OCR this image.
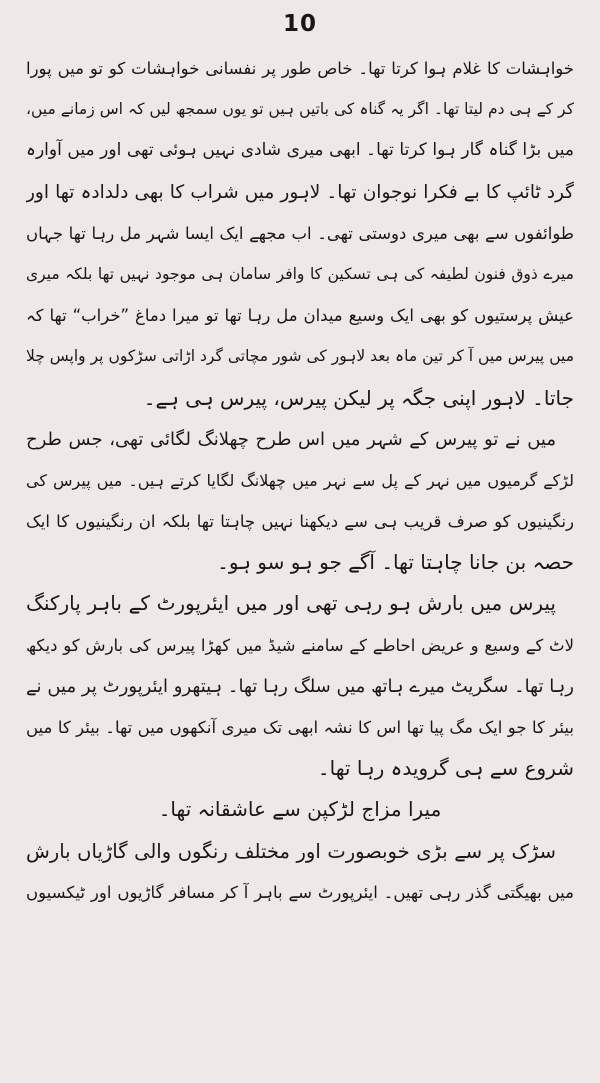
10
خواہشات کا غلام ہوا کرتا تھا۔ خاص طور پر نفسانی خواہشات کو تو میں پورا
کر کے ہی دم لیتا تھا۔ اگر یہ گناہ کی باتیں ہیں تو یوں سمجھ لیں کہ اس زمانے میں،
میں بڑا گناہ گار ہوا کرتا تھا۔ ابھی میری شادی نہیں ہوئی تھی اور میں آوارہ
گرد ٹائپ کا بے فکرا نوجوان تھا۔ لاہور میں شراب کا بھی دلدادہ تھا اور
طوائفوں سے بھی میری دوستی تھی۔ اب مجھے ایک ایسا شہر مل رہا تھا جہاں
میرے ذوق فنون لطیفہ کی ہی تسکین کا وافر سامان ہی موجود نہیں تھا بلکہ میری
عیش پرستیوں کو بھی ایک وسیع میدان مل رہا تھا تو میرا دماغ ”خراب“ تھا کہ
میں پیرس میں آ کر تین ماہ بعد لاہور کی شور مچاتی گرد اڑاتی سڑکوں پر واپس چلا
جاتا۔ لاہور اپنی جگہ پر لیکن پیرس، پیرس ہی ہے۔
میں نے تو پیرس کے شہر میں اس طرح چھلانگ لگائی تھی، جس طرح
لڑکے گرمیوں میں نہر کے پل سے نہر میں چھلانگ لگایا کرتے ہیں۔ میں پیرس کی
رنگینیوں کو صرف قریب ہی سے دیکھنا نہیں چاہتا تھا بلکہ ان رنگینیوں کا ایک
حصہ بن جانا چاہتا تھا۔ آگے جو ہو سو ہو۔
پیرس میں بارش ہو رہی تھی اور میں ایئرپورٹ کے باہر پارکنگ
لاٹ کے وسیع و عریض احاطے کے سامنے شیڈ میں کھڑا پیرس کی بارش کو دیکھ
رہا تھا۔ سگریٹ میرے ہاتھ میں سلگ رہا تھا۔ ہیتھرو ایئرپورٹ پر میں نے
بیئر کا جو ایک مگ پیا تھا اس کا نشہ ابھی تک میری آنکھوں میں تھا۔ بیئر کا میں
شروع سے ہی گرویدہ رہا تھا۔
میرا مزاج لڑکپن سے عاشقانہ تھا۔
سڑک پر سے بڑی خوبصورت اور مختلف رنگوں والی گاڑیاں بارش
میں بھیگتی گذر رہی تھیں۔ ایئرپورٹ سے باہر آ کر مسافر گاڑیوں اور ٹیکسیوں
